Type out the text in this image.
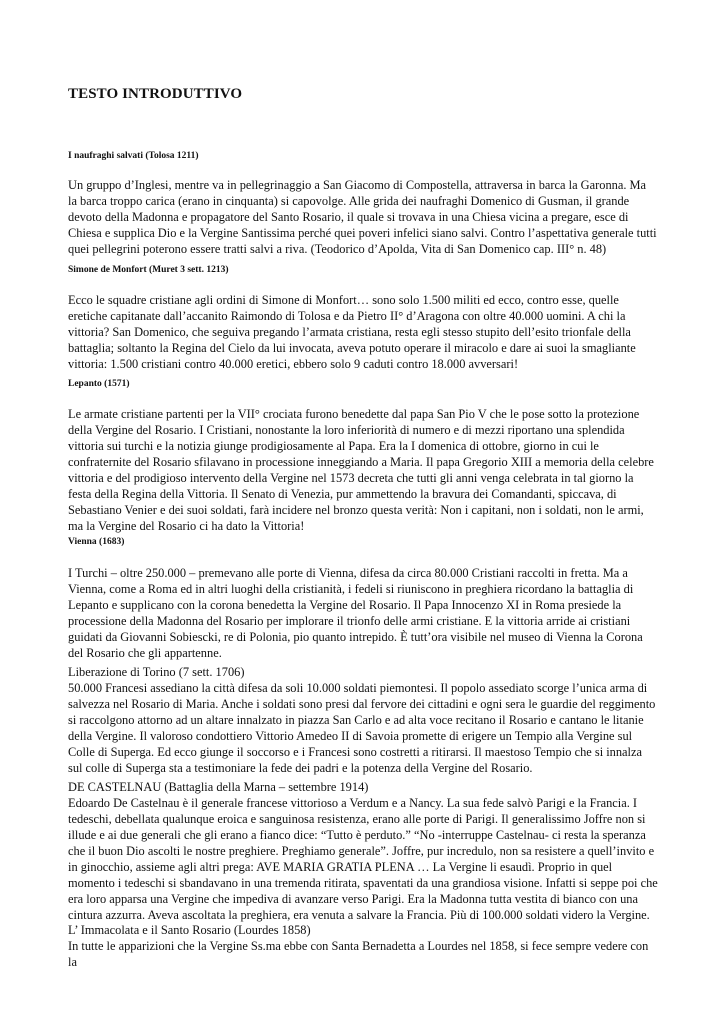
TESTO INTRODUTTIVO
I naufraghi salvati (Tolosa 1211)

Un gruppo d’Inglesi, mentre va in pellegrinaggio a San Giacomo di Compostella, attraversa in barca la Garonna. Ma la barca troppo carica (erano in cinquanta) si capovolge. Alle grida dei naufraghi Domenico di Gusman, il grande devoto della Madonna e propagatore del Santo Rosario, il quale si trovava in una Chiesa vicina a pregare, esce di Chiesa e supplica Dio e la Vergine Santissima perché quei poveri infelici siano salvi. Contro l’aspettativa generale tutti quei pellegrini poterono essere tratti salvi a riva. (Teodorico d’Apolda, Vita di San Domenico cap. III° n. 48)

Simone de Monfort (Muret 3 sett. 1213)

Ecco le squadre cristiane agli ordini di Simone di Monfort… sono solo 1.500 militi ed ecco, contro esse, quelle eretiche capitanate dall’accanito Raimondo di Tolosa e da Pietro II° d’Aragona con oltre 40.000 uomini. A chi la vittoria? San Domenico, che seguiva pregando l’armata cristiana, resta egli stesso stupito dell’esito trionfale della battaglia; soltanto la Regina del Cielo da lui invocata, aveva potuto operare il miracolo e dare ai suoi la smagliante vittoria: 1.500 cristiani contro 40.000 eretici, ebbero solo 9 caduti contro 18.000 avversari!

Lepanto (1571)

Le armate cristiane partenti per la VII° crociata furono benedette dal papa San Pio V che le pose sotto la protezione della Vergine del Rosario. I Cristiani, nonostante la loro inferiorità di numero e di mezzi riportano una splendida vittoria sui turchi e la notizia giunge prodigiosamente al Papa. Era la I domenica di ottobre, giorno in cui le confraternite del Rosario sfilavano in processione inneggiando a Maria. Il papa Gregorio XIII a memoria della celebre vittoria e del prodigioso intervento della Vergine nel 1573 decreta che tutti gli anni venga celebrata in tal giorno la festa della Regina della Vittoria. Il Senato di Venezia, pur ammettendo la bravura dei Comandanti, spiccava, di Sebastiano Venier e dei suoi soldati, farà incidere nel bronzo questa verità: Non i capitani, non i soldati, non le armi, ma la Vergine del Rosario ci ha dato la Vittoria!

Vienna (1683)

I Turchi – oltre 250.000 – premevano alle porte di Vienna, difesa da circa 80.000 Cristiani raccolti in fretta. Ma a Vienna, come a Roma ed in altri luoghi della cristianità, i fedeli si riuniscono in preghiera ricordano la battaglia di Lepanto e supplicano con la corona benedetta la Vergine del Rosario. Il Papa Innocenzo XI in Roma presiede la processione della Madonna del Rosario per implorare il trionfo delle armi cristiane. E la vittoria arride ai cristiani guidati da Giovanni Sobiescki, re di Polonia, pio quanto intrepido. È tutt’ora visibile nel museo di Vienna la Corona del Rosario che gli appartenne.

Liberazione di Torino (7 sett. 1706)

50.000 Francesi assediano la città difesa da soli 10.000 soldati piemontesi. Il popolo assediato scorge l’unica arma di salvezza nel Rosario di Maria. Anche i soldati sono presi dal fervore dei cittadini e ogni sera le guardie del reggimento si raccolgono attorno ad un altare innalzato in piazza San Carlo e ad alta voce recitano il Rosario e cantano le litanie della Vergine. Il valoroso condottiero Vittorio Amedeo II di Savoia promette di erigere un Tempio alla Vergine sul Colle di Superga. Ed ecco giunge il soccorso e i Francesi sono costretti a ritirarsi. Il maestoso Tempio che si innalza sul colle di Superga sta a testimoniare la fede dei padri e la potenza della Vergine del Rosario.

DE CASTELNAU (Battaglia della Marna – settembre 1914)

Edoardo De Castelnau è il generale francese vittorioso a Verdum e a Nancy. La sua fede salvò Parigi e la Francia. I tedeschi, debellata qualunque eroica e sanguinosa resistenza, erano alle porte di Parigi. Il generalissimo Joffre non si illude e ai due generali che gli erano a fianco dice: “Tutto è perduto.” “No -interruppe Castelnau- ci resta la speranza che il buon Dio ascolti le nostre preghiere. Preghiamo generale”. Joffre, pur incredulo, non sa resistere a quell’invito e in ginocchio, assieme agli altri prega: AVE MARIA GRATIA PLENA … La Vergine li esaudì. Proprio in quel momento i tedeschi si sbandavano in una tremenda ritirata, spaventati da una grandiosa visione. Infatti si seppe poi che era loro apparsa una Vergine che impediva di avanzare verso Parigi. Era la Madonna tutta vestita di bianco con una cintura azzurra. Aveva ascoltata la preghiera, era venuta a salvare la Francia. Più di 100.000 soldati videro la Vergine.

L’ Immacolata e il Santo Rosario (Lourdes 1858)

In tutte le apparizioni che la Vergine Ss.ma ebbe con Santa Bernadetta a Lourdes nel 1858, si fece sempre vedere con la
